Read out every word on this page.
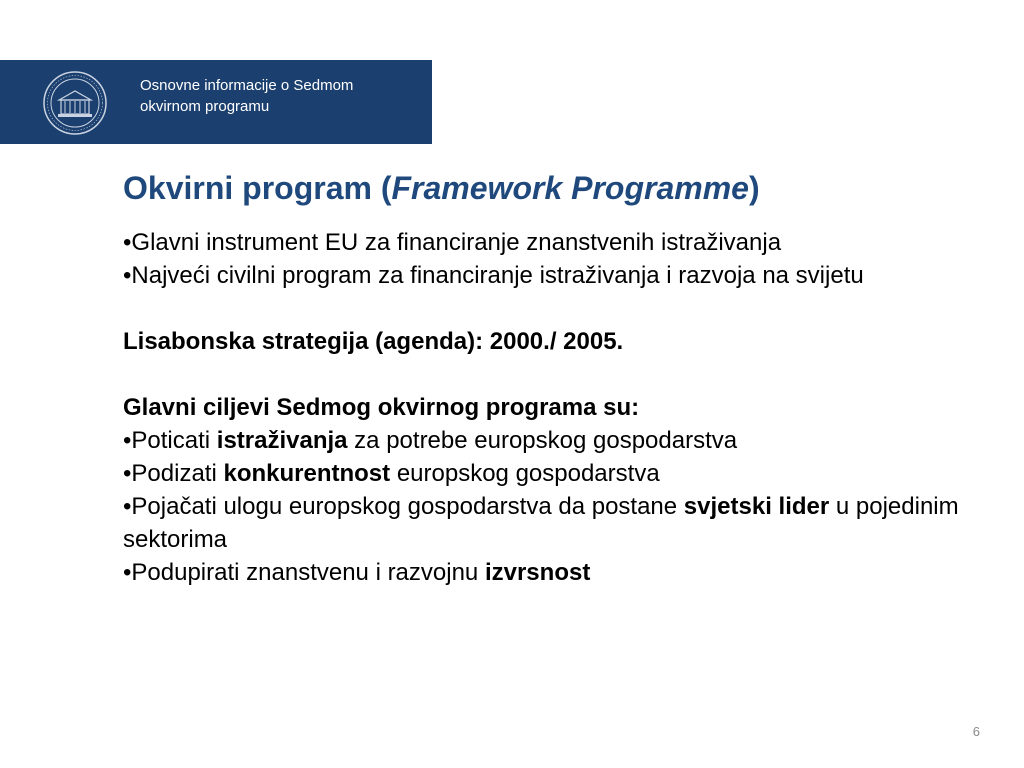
Osnovne informacije o Sedmom
okvirnom programu
Okvirni program (Framework Programme)

•Glavni instrument EU za financiranje znanstvenih istraživanja

•Najveći civilni program za financiranje istraživanja i razvoja na svijetu

Lisabonska strategija (agenda): 2000./ 2005.

Glavni ciljevi Sedmog okvirnog programa su:

•Poticati istraživanja za potrebe europskog gospodarstva

•Podizati konkurentnost europskog gospodarstva

•Pojačati ulogu europskog gospodarstva da postane svjetski lider u pojedinim sektorima

•Podupirati znanstvenu i razvojnu izvrsnost

6
